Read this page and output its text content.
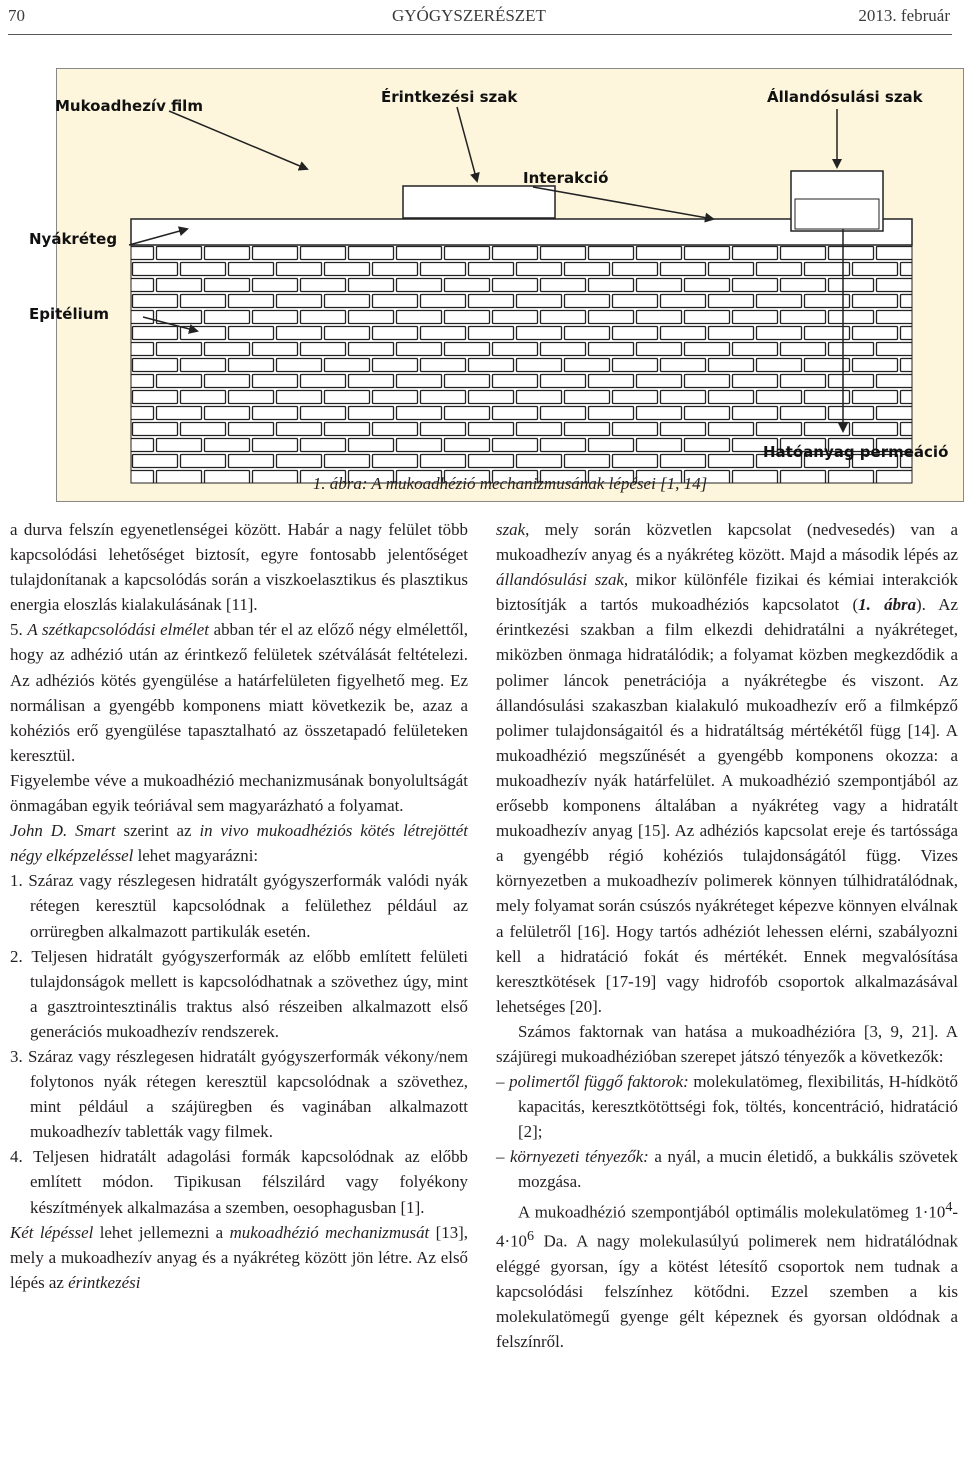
70	GYÓGYSZERÉSZET	2013. február
Mukoadhezív film	Érintkezési szak	Állandósulási szak
Interakció
Nyákréteg
Epitélium
Hatóanyag permeáció
1. ábra: A mukoadhézió mechanizmusának lépései [1, 14]

a durva felszín egyenetlenségei között. Habár a nagy felület több kapcsolódási lehetőséget biztosít, egyre fontosabb jelentőséget tulajdonítanak a kapcsolódás során a viszkoelasztikus és plasztikus energia eloszlás kialakulásának [11].

5. A szétkapcsolódási elmélet abban tér el az előző négy elmélettől, hogy az adhézió után az érintkező felületek szétválását feltételezi. Az adhéziós kötés gyengülése a határfelületen figyelhető meg. Ez normálisan a gyengébb komponens miatt következik be, azaz a kohéziós erő gyengülése tapasztalható az összetapadó felületeken keresztül.

Figyelembe véve a mukoadhézió mechanizmusának bonyolultságát önmagában egyik teóriával sem magyarázható a folyamat.

John D. Smart szerint az in vivo mukoadhéziós kötés létrejöttét négy elképzeléssel lehet magyarázni:

1. Száraz vagy részlegesen hidratált gyógyszerformák valódi nyák rétegen keresztül kapcsolódnak a felülethez például az orrüregben alkalmazott partikulák esetén.

2. Teljesen hidratált gyógyszerformák az előbb említett felületi tulajdonságok mellett is kapcsolódhatnak a szövethez úgy, mint a gasztrointesztinális traktus alsó részeiben alkalmazott első generációs mukoadhezív rendszerek.

3. Száraz vagy részlegesen hidratált gyógyszerformák vékony/nem folytonos nyák rétegen keresztül kapcsolódnak a szövethez, mint például a szájüregben és vaginában alkalmazott mukoadhezív tabletták vagy filmek.

4. Teljesen hidratált adagolási formák kapcsolódnak az előbb említett módon. Tipikusan félszilárd vagy folyékony készítmények alkalmazása a szemben, oesophagusban [1].

Két lépéssel lehet jellemezni a mukoadhézió mechanizmusát [13], mely a mukoadhezív anyag és a nyákréteg között jön létre. Az első lépés az érintkezési

szak, mely során közvetlen kapcsolat (nedvesedés) van a mukoadhezív anyag és a nyákréteg között. Majd a második lépés az állandósulási szak, mikor különféle fizikai és kémiai interakciók biztosítják a tartós mukoadhéziós kapcsolatot (1. ábra). Az érintkezési szakban a film elkezdi dehidratálni a nyákréteget, miközben önmaga hidratálódik; a folyamat közben megkezdődik a polimer láncok penetrációja a nyákrétegbe és viszont. Az állandósulási szakaszban kialakuló mukoadhezív erő a filmképző polimer tulajdonságaitól és a hidratáltság mértékétől függ [14]. A mukoadhézió megszűnését a gyengébb komponens okozza: a mukoadhezív nyák határfelület. A mukoadhézió szempontjából az erősebb komponens általában a nyákréteg vagy a hidratált mukoadhezív anyag [15]. Az adhéziós kapcsolat ereje és tartóssága a gyengébb régió kohéziós tulajdonságától függ. Vizes környezetben a mukoadhezív polimerek könnyen túlhidratálódnak, mely folyamat során csúszós nyákréteget képezve könnyen elválnak a felületről [16]. Hogy tartós adhéziót lehessen elérni, szabályozni kell a hidratáció fokát és mértékét. Ennek megvalósítása keresztkötések [17-19] vagy hidrofób csoportok alkalmazásával lehetséges [20].

Számos faktornak van hatása a mukoadhézióra [3, 9, 21]. A szájüregi mukoadhézióban szerepet játszó tényezők a következők:

– polimertől függő faktorok: molekulatömeg, flexibilitás, H-hídkötő kapacitás, keresztkötöttségi fok, töltés, koncentráció, hidratáció [2];

– környezeti tényezők: a nyál, a mucin életidő, a bukkális szövetek mozgása.

A mukoadhézió szempontjából optimális molekulatömeg $1\cdot 10^4-4\cdot 10^6$ Da. A nagy molekulasúlyú polimerek nem hidratálódnak eléggé gyorsan, így a kötést létesítő csoportok nem tudnak a kapcsolódási felszínhez kötődni. Ezzel szemben a kis molekulatömegű gyenge gélt képeznek és gyorsan oldódnak a felszínről.
